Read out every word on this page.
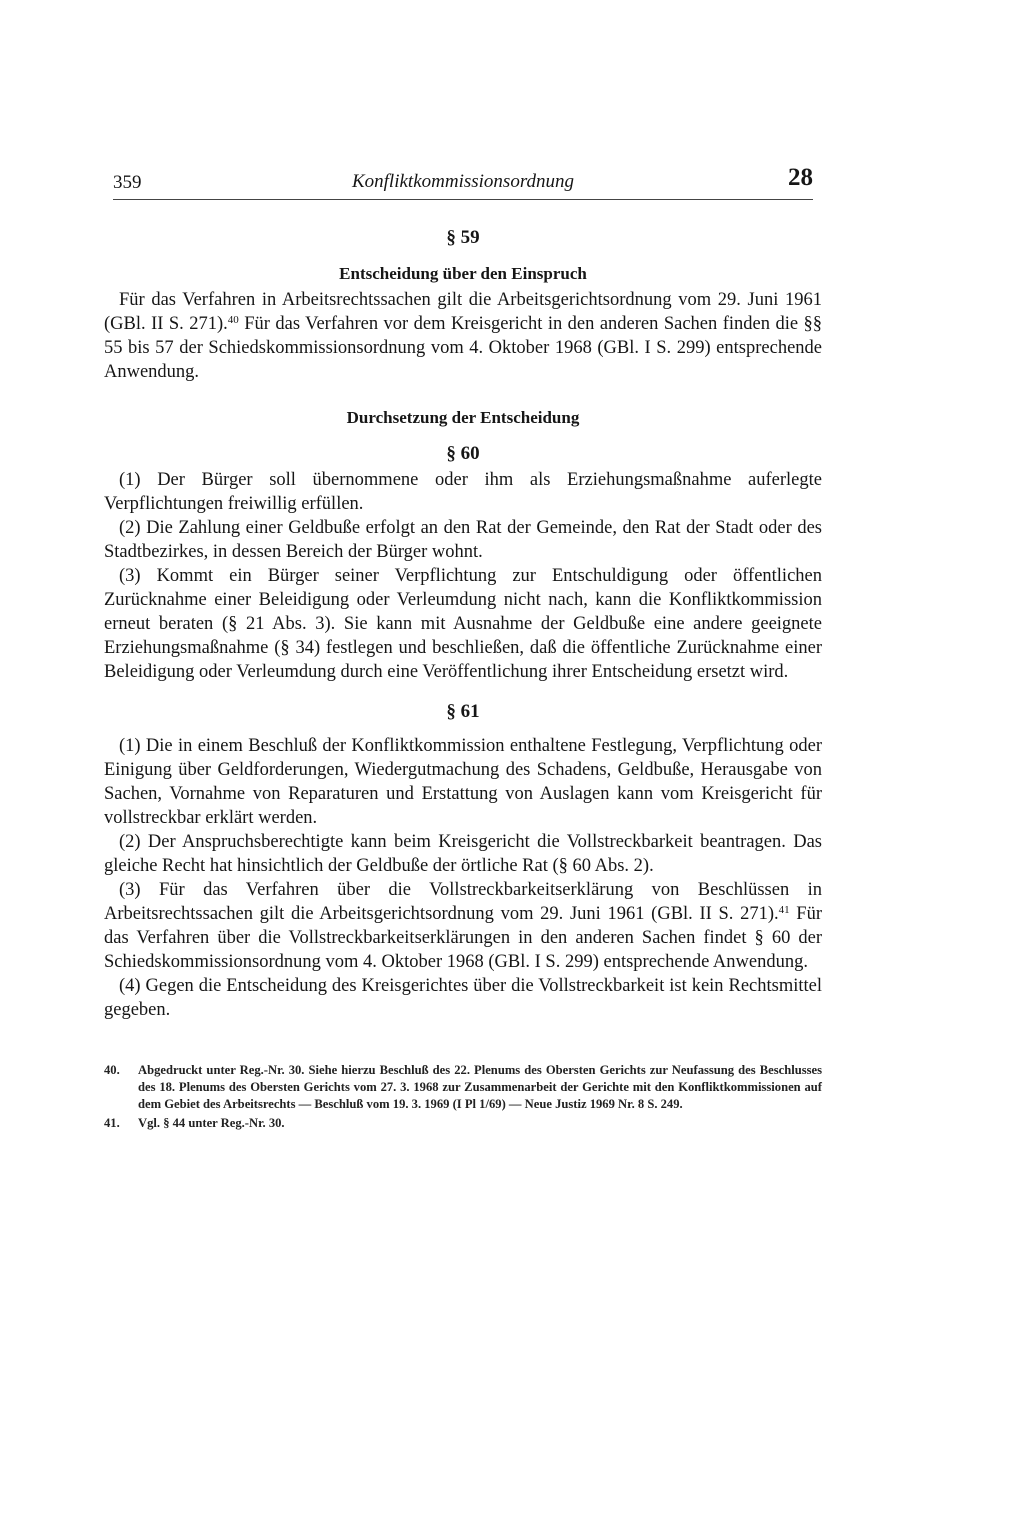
359	Konfliktkommissionsordnung	28

§ 59

Entscheidung über den Einspruch

Für das Verfahren in Arbeitsrechtssachen gilt die Arbeitsgerichtsordnung vom 29. Juni 1961 (GBl. II S. 271).$^{40}$ Für das Verfahren vor dem Kreisgericht in den anderen Sachen finden die §§ 55 bis 57 der Schiedskommissionsordnung vom 4. Oktober 1968 (GBl. I S. 299) entsprechende Anwendung.

Durchsetzung der Entscheidung

§ 60

(1) Der Bürger soll übernommene oder ihm als Erziehungsmaßnahme auferlegte Verpflichtungen freiwillig erfüllen.

(2) Die Zahlung einer Geldbuße erfolgt an den Rat der Gemeinde, den Rat der Stadt oder des Stadtbezirkes, in dessen Bereich der Bürger wohnt.

(3) Kommt ein Bürger seiner Verpflichtung zur Entschuldigung oder öffentlichen Zurücknahme einer Beleidigung oder Verleumdung nicht nach, kann die Konfliktkommission erneut beraten (§ 21 Abs. 3). Sie kann mit Ausnahme der Geldbuße eine andere geeignete Erziehungsmaßnahme (§ 34) festlegen und beschließen, daß die öffentliche Zurücknahme einer Beleidigung oder Verleumdung durch eine Veröffentlichung ihrer Entscheidung ersetzt wird.

§ 61

(1) Die in einem Beschluß der Konfliktkommission enthaltene Festlegung, Verpflichtung oder Einigung über Geldforderungen, Wiedergutmachung des Schadens, Geldbuße, Herausgabe von Sachen, Vornahme von Reparaturen und Erstattung von Auslagen kann vom Kreisgericht für vollstreckbar erklärt werden.

(2) Der Anspruchsberechtigte kann beim Kreisgericht die Vollstreckbarkeit beantragen. Das gleiche Recht hat hinsichtlich der Geldbuße der örtliche Rat (§ 60 Abs. 2).

(3) Für das Verfahren über die Vollstreckbarkeitserklärung von Beschlüssen in Arbeitsrechtssachen gilt die Arbeitsgerichtsordnung vom 29. Juni 1961 (GBl. II S. 271).$^{41}$ Für das Verfahren über die Vollstreckbarkeitserklärungen in den anderen Sachen findet § 60 der Schiedskommissionsordnung vom 4. Oktober 1968 (GBl. I S. 299) entsprechende Anwendung.

(4) Gegen die Entscheidung des Kreisgerichtes über die Vollstreckbarkeit ist kein Rechtsmittel gegeben.

40.	Abgedruckt unter Reg.-Nr. 30. Siehe hierzu Beschluß des 22. Plenums des Obersten Gerichts zur Neufassung des Beschlusses des 18. Plenums des Obersten Gerichts vom 27. 3. 1968 zur Zusammenarbeit der Gerichte mit den Konfliktkommissionen auf dem Gebiet des Arbeitsrechts — Beschluß vom 19. 3. 1969 (I Pl 1/69) — Neue Justiz 1969 Nr. 8 S. 249.
41.	Vgl. § 44 unter Reg.-Nr. 30.
